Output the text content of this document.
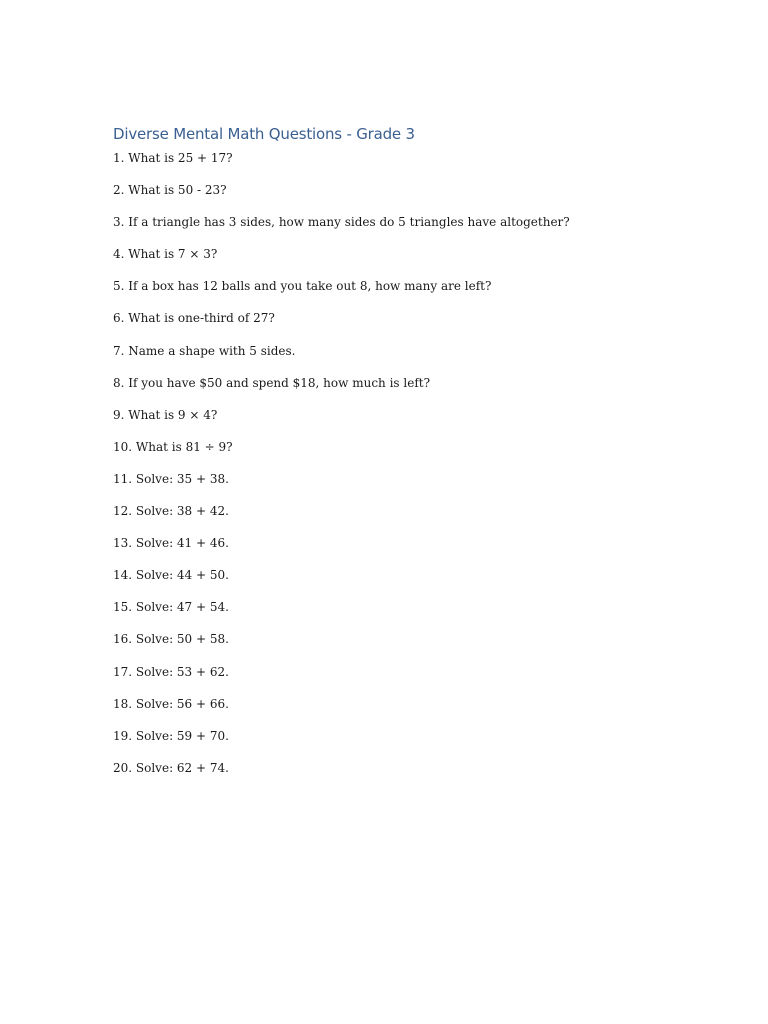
Diverse Mental Math Questions - Grade 3
1. What is 25 + 17?
2. What is 50 - 23?
3. If a triangle has 3 sides, how many sides do 5 triangles have altogether?
4. What is 7 × 3?
5. If a box has 12 balls and you take out 8, how many are left?
6. What is one-third of 27?
7. Name a shape with 5 sides.
8. If you have $50 and spend $18, how much is left?
9. What is 9 × 4?
10. What is 81 ÷ 9?
11. Solve: 35 + 38.
12. Solve: 38 + 42.
13. Solve: 41 + 46.
14. Solve: 44 + 50.
15. Solve: 47 + 54.
16. Solve: 50 + 58.
17. Solve: 53 + 62.
18. Solve: 56 + 66.
19. Solve: 59 + 70.
20. Solve: 62 + 74.
